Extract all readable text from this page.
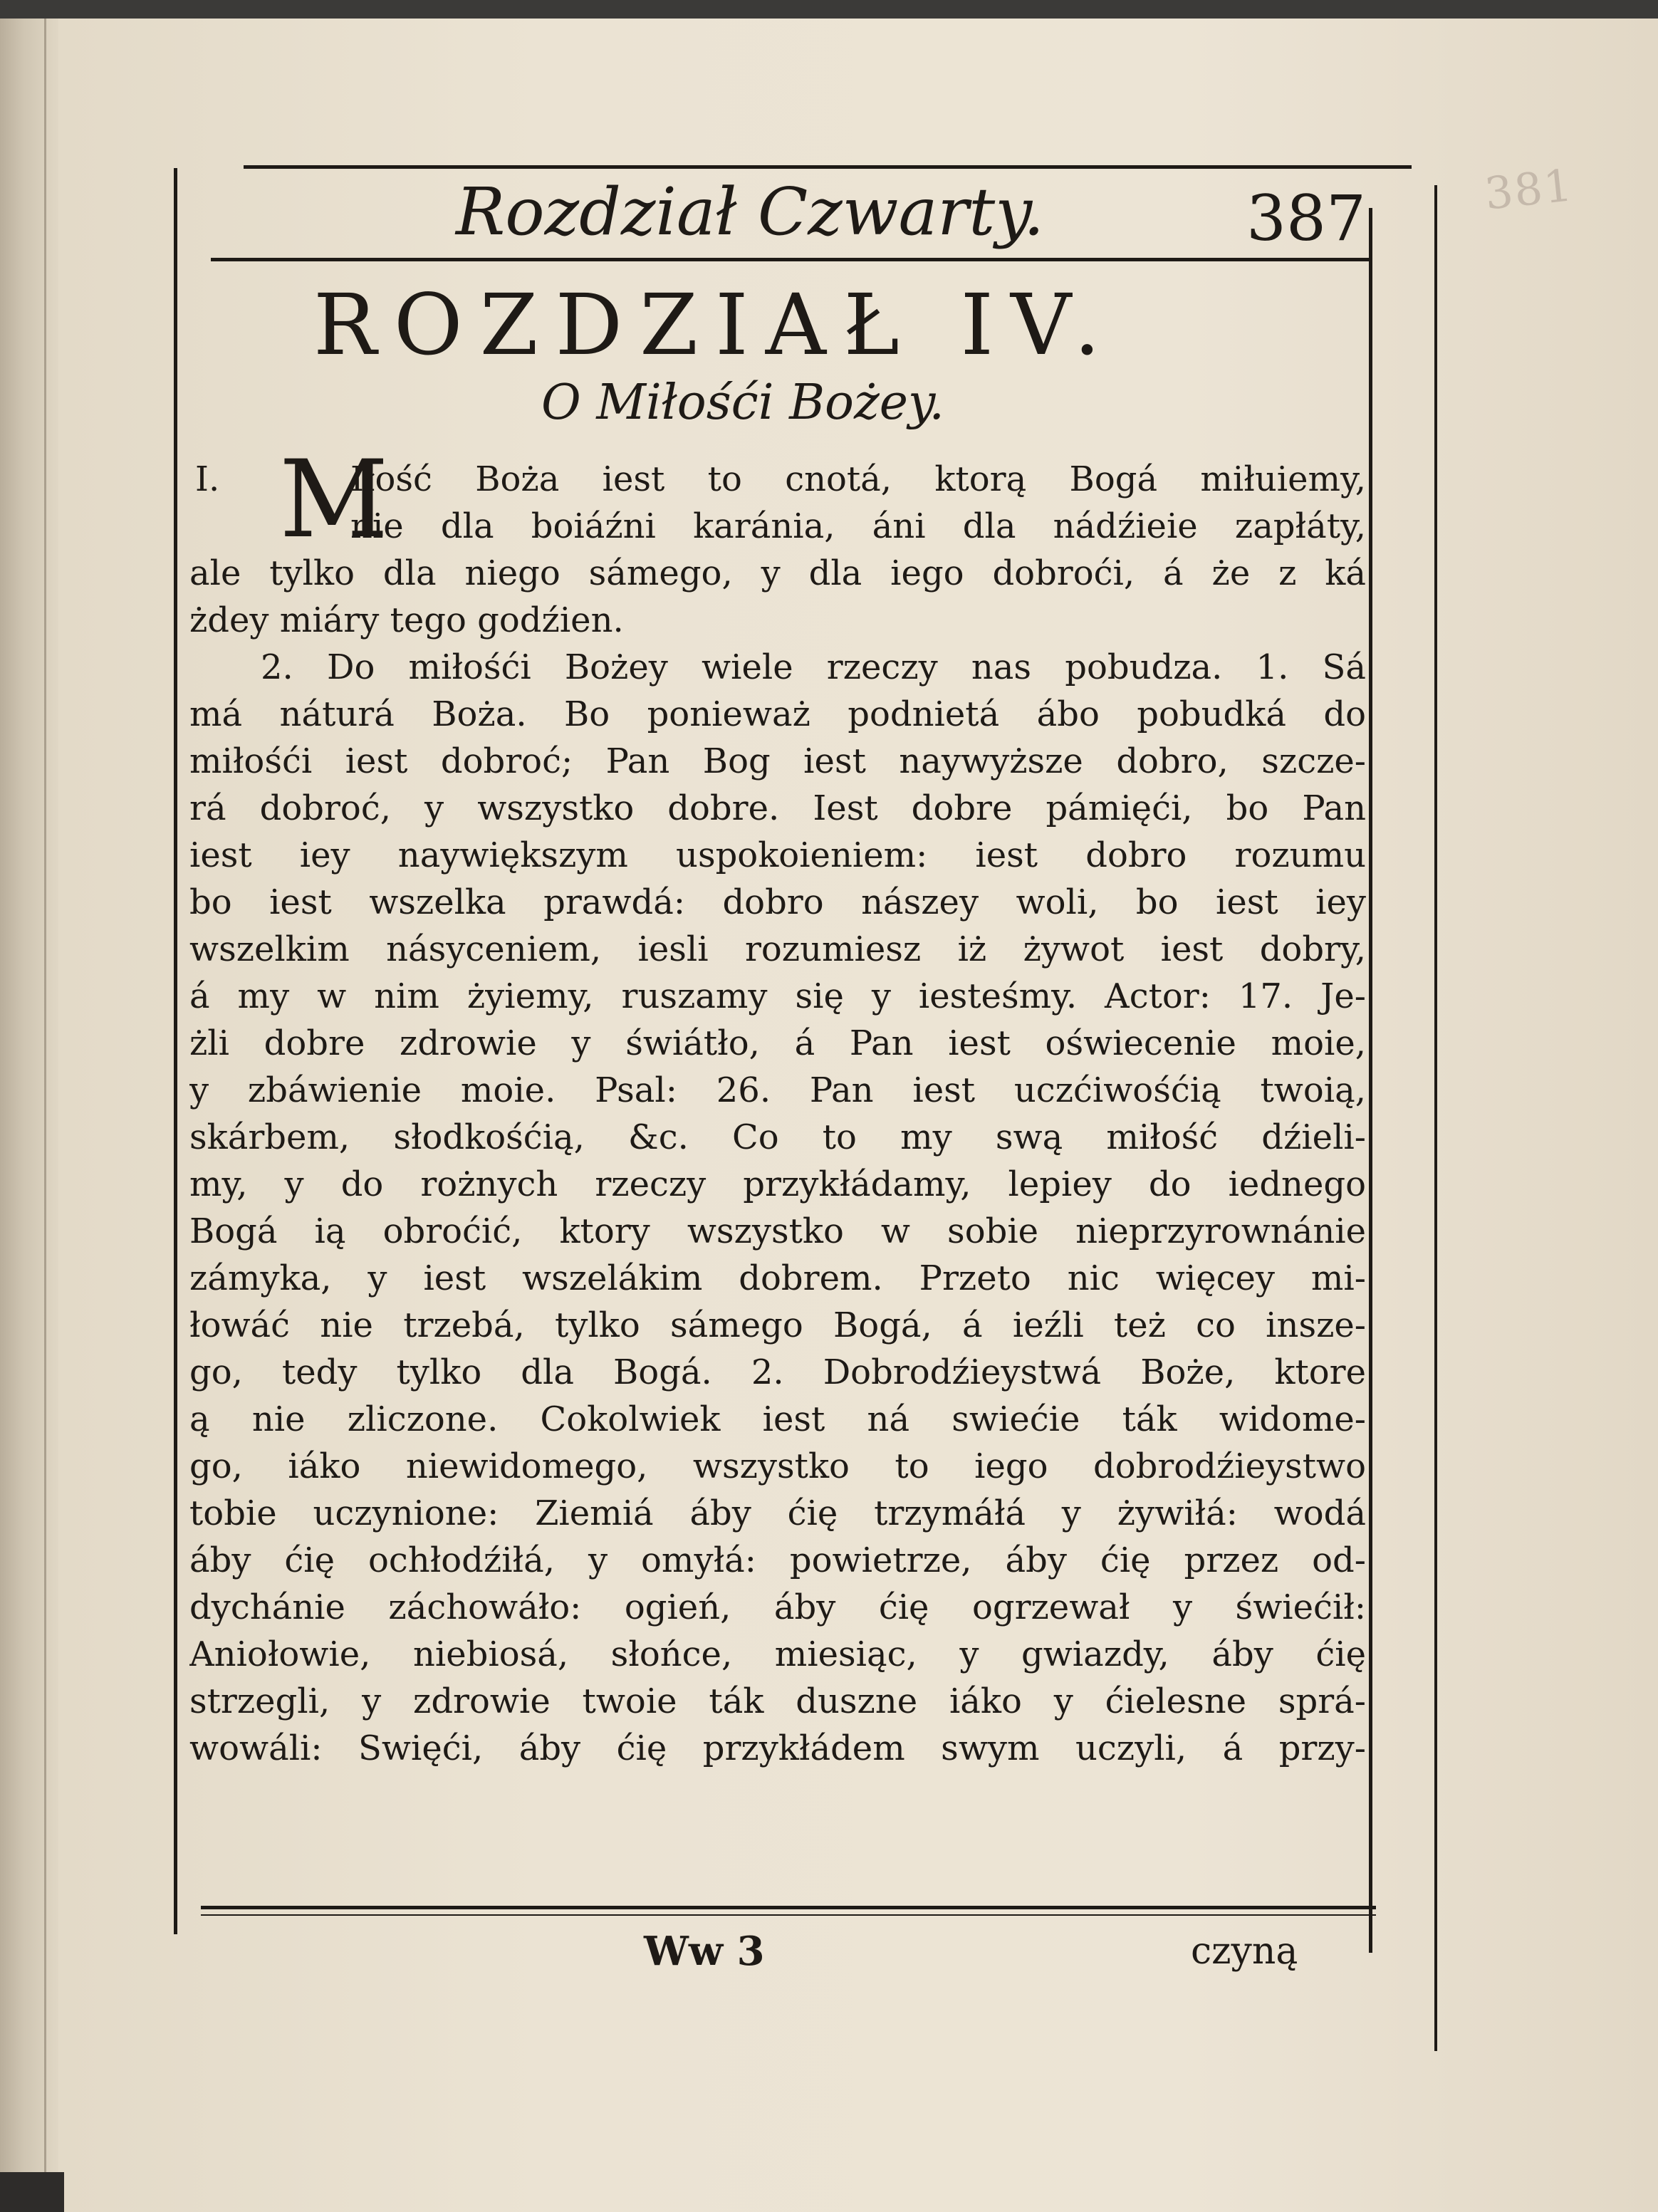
381
Rozdział Czwarty.	387
ROZDZIAŁ IV.
O Miłośći Bożey.
I. M
Iłość Boża iest to cnotá, ktorą Bogá miłuiemy,
nie dla boiáźni karánia, áni dla nádźieie zapłáty,
ale tylko dla niego sámego, y dla iego dobroći, á że z ká
żdey miáry tego godźien.
2. Do miłośći Bożey wiele rzeczy nas pobudza. 1. Sá
má náturá Boża. Bo ponieważ podnietá ábo pobudká do
miłośći iest dobroć; Pan Bog iest naywyższe dobro, szcze-
rá dobroć, y wszystko dobre. Iest dobre pámięći, bo Pan
iest iey naywiększym uspokoieniem: iest dobro rozumu
bo iest wszelka prawdá: dobro nászey woli, bo iest iey
wszelkim násyceniem, iesli rozumiesz iż żywot iest dobry,
á my w nim żyiemy, ruszamy się y iesteśmy. Actor: 17. Je-
żli dobre zdrowie y świátło, á Pan iest oświecenie moie,
y zbáwienie moie. Psal: 26. Pan iest uczćiwośćią twoią,
skárbem, słodkośćią, &c. Co to my swą miłość dźieli-
my, y do rożnych rzeczy przykłádamy, lepiey do iednego
Bogá ią obroćić, ktory wszystko w sobie nieprzyrownánie
zámyka, y iest wszelákim dobrem. Przeto nic więcey mi-
łowáć nie trzebá, tylko sámego Bogá, á ieźli też co insze-
go, tedy tylko dla Bogá. 2. Dobrodźieystwá Boże, ktore
ą nie zliczone. Cokolwiek iest ná swiećie ták widome-
go, iáko niewidomego, wszystko to iego dobrodźieystwo
tobie uczynione: Ziemiá áby ćię trzymáłá y żywiłá: wodá
áby ćię ochłodźiłá, y omyłá: powietrze, áby ćię przez od-
dychánie záchowáło: ogień, áby ćię ogrzewał y świećił:
Aniołowie, niebiosá, słońce, miesiąc, y gwiazdy, áby ćię
strzegli, y zdrowie twoie ták duszne iáko y ćielesne sprá-
wowáli: Swięći, áby ćię przykłádem swym uczyli, á przy-
Ww 3	czyną
